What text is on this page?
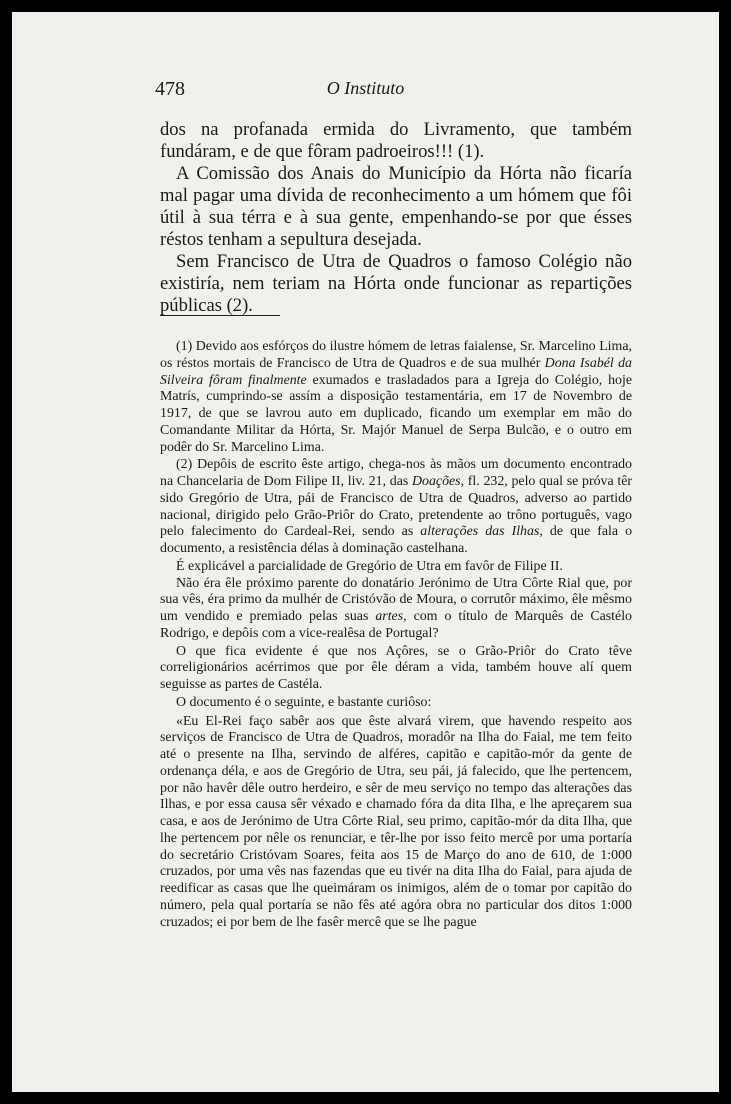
478	O Instituto

dos na profanada ermida do Livramento, que também fundáram, e de que fôram padroeiros!!! (1).

A Comissão dos Anais do Município da Hórta não ficaría mal pagar uma dívida de reconhecimento a um hómem que fôi útil à sua térra e à sua gente, empenhando-se por que ésses réstos tenham a sepultura desejada.

Sem Francisco de Utra de Quadros o famoso Colégio não existiría, nem teriam na Hórta onde funcionar as repartições públicas (2).

(1) Devido aos esfórços do ilustre hómem de letras faialense, Sr. Marcelino Lima, os réstos mortais de Francisco de Utra de Quadros e de sua mulhér Dona Isabél da Silveira fôram finalmente exumados e trasladados para a Igreja do Colégio, hoje Matrís, cumprindo-se assím a disposição testamentária, em 17 de Novembro de 1917, de que se lavrou auto em duplicado, ficando um exemplar em mão do Comandante Militar da Hórta, Sr. Majór Manuel de Serpa Bulcão, e o outro em podêr do Sr. Marcelino Lima.

(2) Depôis de escrito êste artigo, chega-nos às mãos um documento encontrado na Chancelaria de Dom Filipe II, liv. 21, das Doações, fl. 232, pelo qual se próva têr sido Gregório de Utra, pái de Francisco de Utra de Quadros, adverso ao partido nacional, dirigido pelo Grão-Priôr do Crato, pretendente ao trôno português, vago pelo falecimento do Cardeal-Rei, sendo as alterações das Ilhas, de que fala o documento, a resistência délas à dominação castelhana.

É explicável a parcialidade de Gregório de Utra em favôr de Filipe II.

Não éra êle próximo parente do donatário Jerónimo de Utra Côrte Rial que, por sua vês, éra primo da mulhér de Cristóvão de Moura, o corrutôr máximo, êle mêsmo um vendido e premiado pelas suas artes, com o título de Marquês de Castélo Rodrigo, e depôis com a vice-realêsa de Portugal?

O que fica evidente é que nos Açôres, se o Grão-Priôr do Crato têve correligionários acérrimos que por êle déram a vida, também houve alí quem seguisse as partes de Castéla.

O documento é o seguinte, e bastante curiôso:

«Eu El-Rei faço sabêr aos que êste alvará virem, que havendo respeito aos serviços de Francisco de Utra de Quadros, moradôr na Ilha do Faial, me tem feito até o presente na Ilha, servindo de alféres, capitão e capitão-mór da gente de ordenança déla, e aos de Gregório de Utra, seu pái, já falecido, que lhe pertencem, por não havêr dêle outro herdeiro, e sêr de meu serviço no tempo das alterações das Ilhas, e por essa causa sêr véxado e chamado fóra da dita Ilha, e lhe apreçarem sua casa, e aos de Jerónimo de Utra Côrte Rial, seu primo, capitão-mór da dita Ilha, que lhe pertencem por nêle os renunciar, e têr-lhe por isso feito mercê por uma portaría do secretário Cristóvam Soares, feita aos 15 de Março do ano de 610, de 1:000 cruzados, por uma vês nas fazendas que eu tivér na dita Ilha do Faial, para ajuda de reedificar as casas que lhe queimáram os inimigos, além de o tomar por capitão do número, pela qual portaría se não fês até agóra obra no particular dos ditos 1:000 cruzados; ei por bem de lhe fasêr mercê que se lhe pague
